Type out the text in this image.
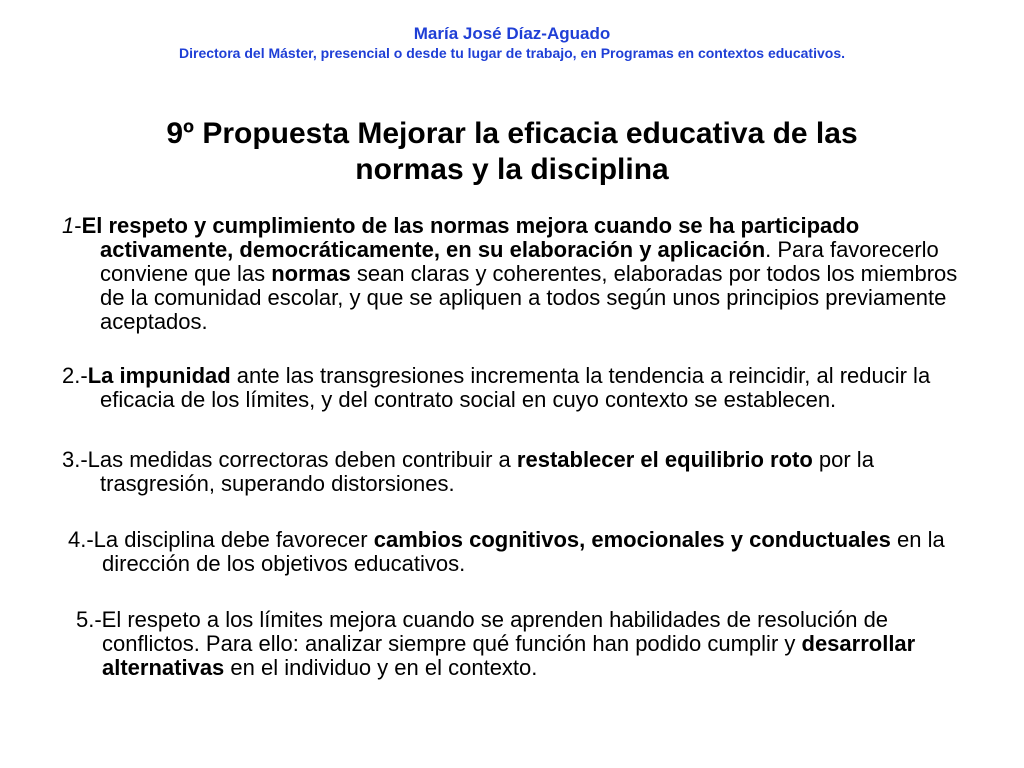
María José Díaz-Aguado
Directora del Máster, presencial o desde tu lugar de trabajo, en Programas en contextos educativos.
9º Propuesta Mejorar la eficacia educativa de las
normas y la disciplina
1-El respeto y cumplimiento de las normas mejora cuando se ha participado activamente, democráticamente, en su elaboración y aplicación. Para favorecerlo conviene que las normas sean claras y coherentes, elaboradas por todos los miembros de la comunidad escolar, y que se apliquen a todos según unos principios previamente aceptados.
2.-La impunidad ante las transgresiones incrementa la tendencia a reincidir, al reducir la eficacia de los límites, y del contrato social en cuyo contexto se establecen.
3.-Las medidas correctoras deben contribuir a restablecer el equilibrio roto por la trasgresión, superando distorsiones.
4.-La disciplina debe favorecer cambios cognitivos, emocionales y conductuales en la dirección de los objetivos educativos.
5.-El respeto a los límites mejora cuando se aprenden habilidades de resolución de conflictos. Para ello: analizar siempre qué función han podido cumplir y desarrollar alternativas en el individuo y en el contexto.
